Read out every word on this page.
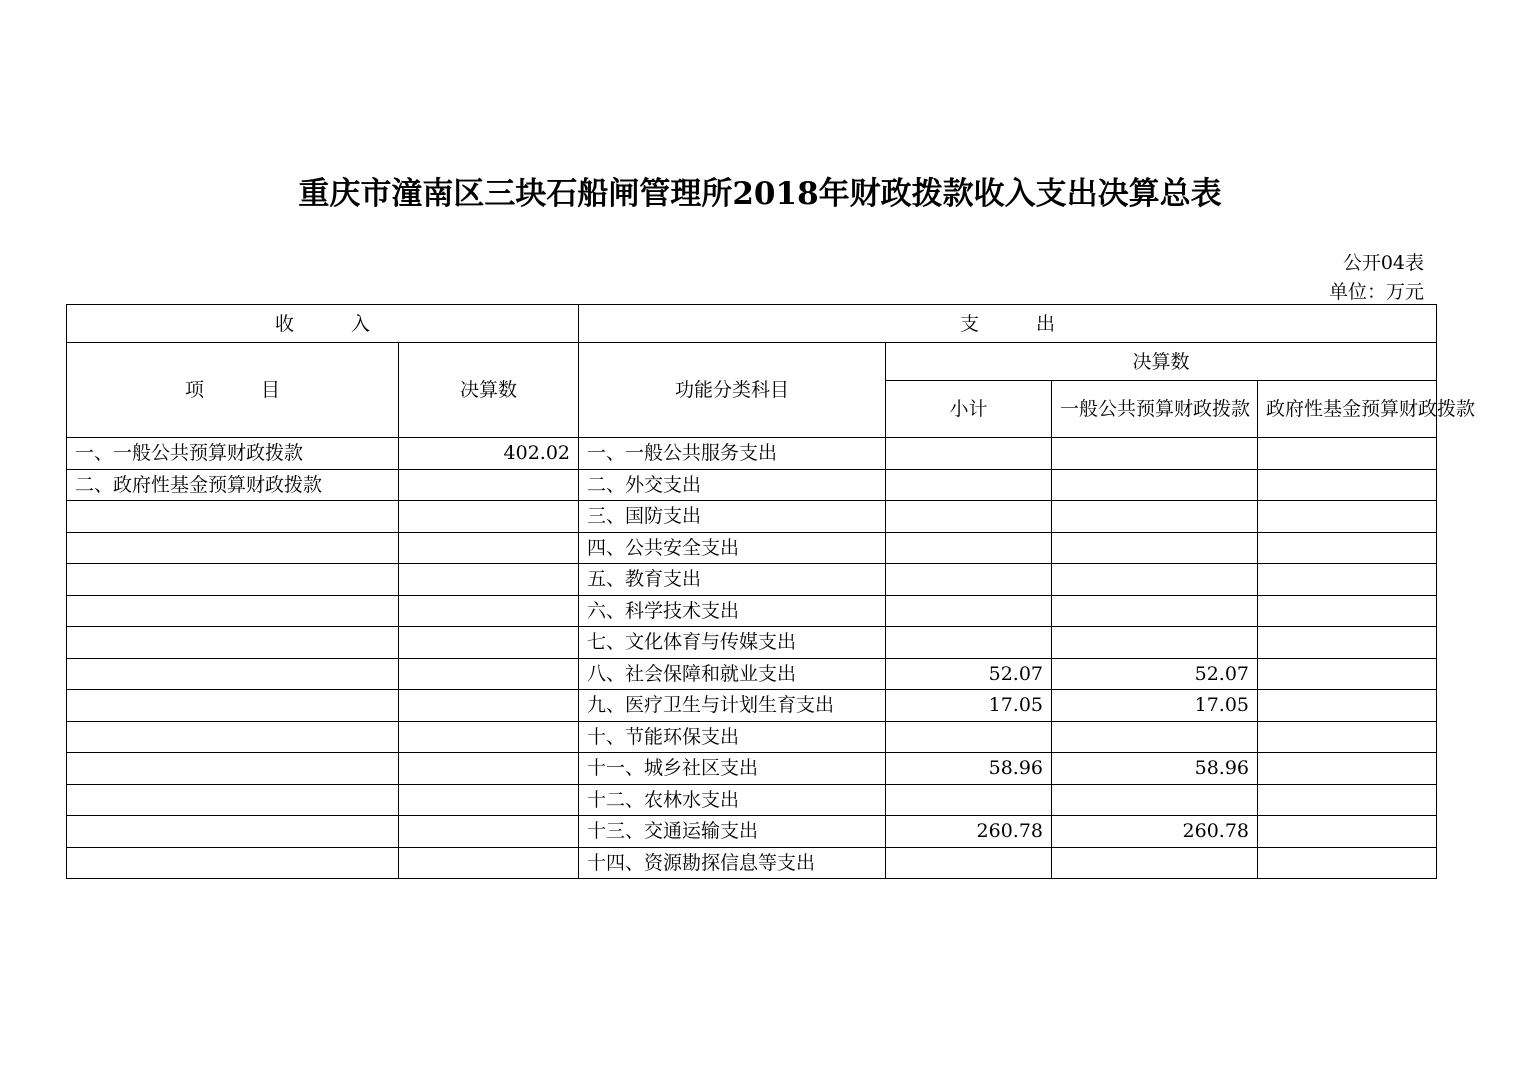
重庆市潼南区三块石船闸管理所2018年财政拨款收入支出决算总表
公开04表
单位：万元
收　　　入		支　　　出			
项　　　目	决算数	功能分类科目	决算数		
			小计	一般公共预算财政拨款	政府性基金预算财政拨款
一、一般公共预算财政拨款	402.02	一、一般公共服务支出			
二、政府性基金预算财政拨款		二、外交支出			
		三、国防支出			
		四、公共安全支出			
		五、教育支出			
		六、科学技术支出			
		七、文化体育与传媒支出			
		八、社会保障和就业支出	52.07	52.07	
		九、医疗卫生与计划生育支出	17.05	17.05	
		十、节能环保支出			
		十一、城乡社区支出	58.96	58.96	
		十二、农林水支出			
		十三、交通运输支出	260.78	260.78	
		十四、资源勘探信息等支出			
